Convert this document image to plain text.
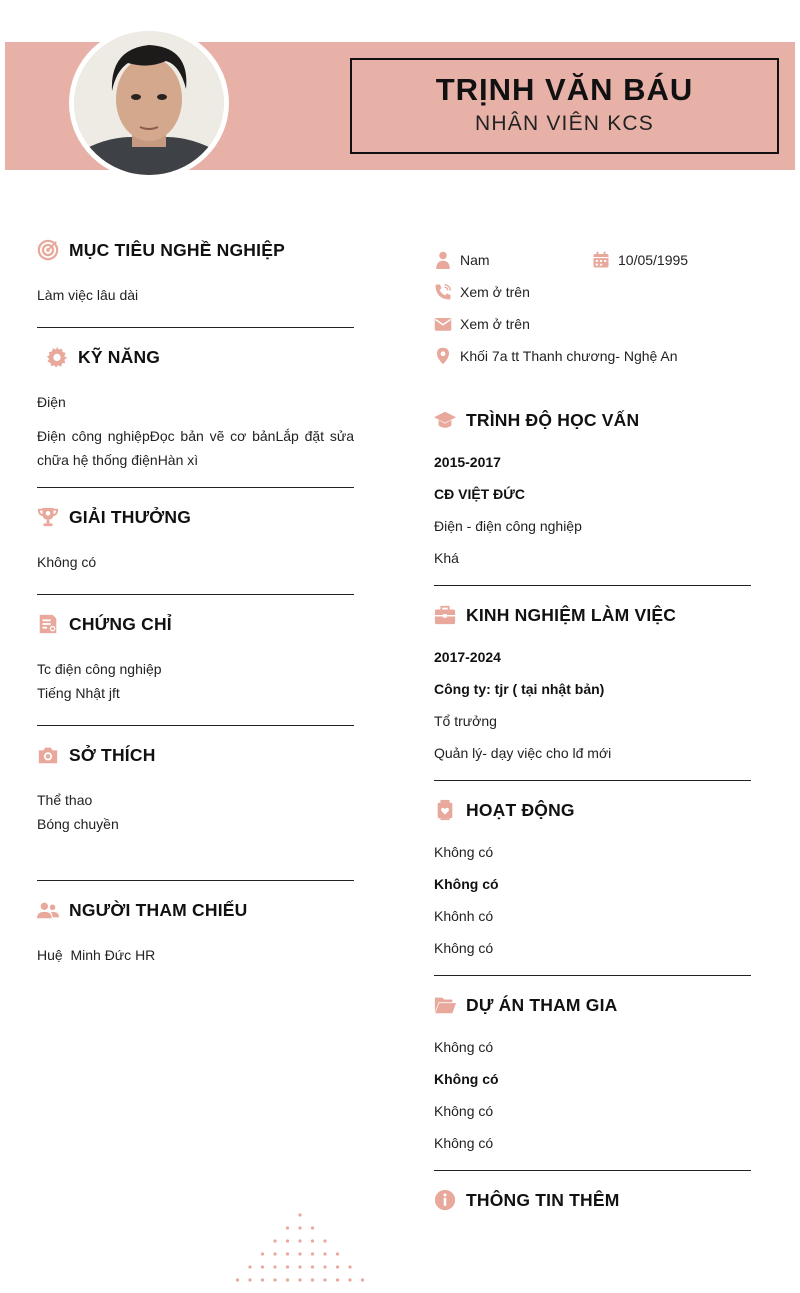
TRỊNH VĂN BÁU
NHÂN VIÊN KCS
MỤC TIÊU NGHỀ NGHIỆP
Làm việc lâu dài
KỸ NĂNG
Điện
Điện công nghiệpĐọc bản vẽ cơ bảnLắp đặt sửa
chữa hệ thống điệnHàn xì
GIẢI THƯỞNG
Không có
CHỨNG CHỈ
Tc điện công nghiệp
Tiếng Nhật jft
SỞ THÍCH
Thể thao
Bóng chuyền
NGƯỜI THAM CHIẾU
Huệ  Minh Đức HR
Nam	10/05/1995
Xem ở trên
Xem ở trên
Khối 7a tt Thanh chương- Nghệ An
TRÌNH ĐỘ HỌC VẤN
2015-2017
CĐ VIỆT ĐỨC
Điện - điện công nghiệp
Khá
KINH NGHIỆM LÀM VIỆC
2017-2024
Công ty: tjr ( tại nhật bản)
Tổ trưởng
Quản lý- dạy việc cho lđ mới
HOẠT ĐỘNG
Không có
Không có
Khônh có
Không có
DỰ ÁN THAM GIA
Không có
Không có
Không có
Không có
THÔNG TIN THÊM
